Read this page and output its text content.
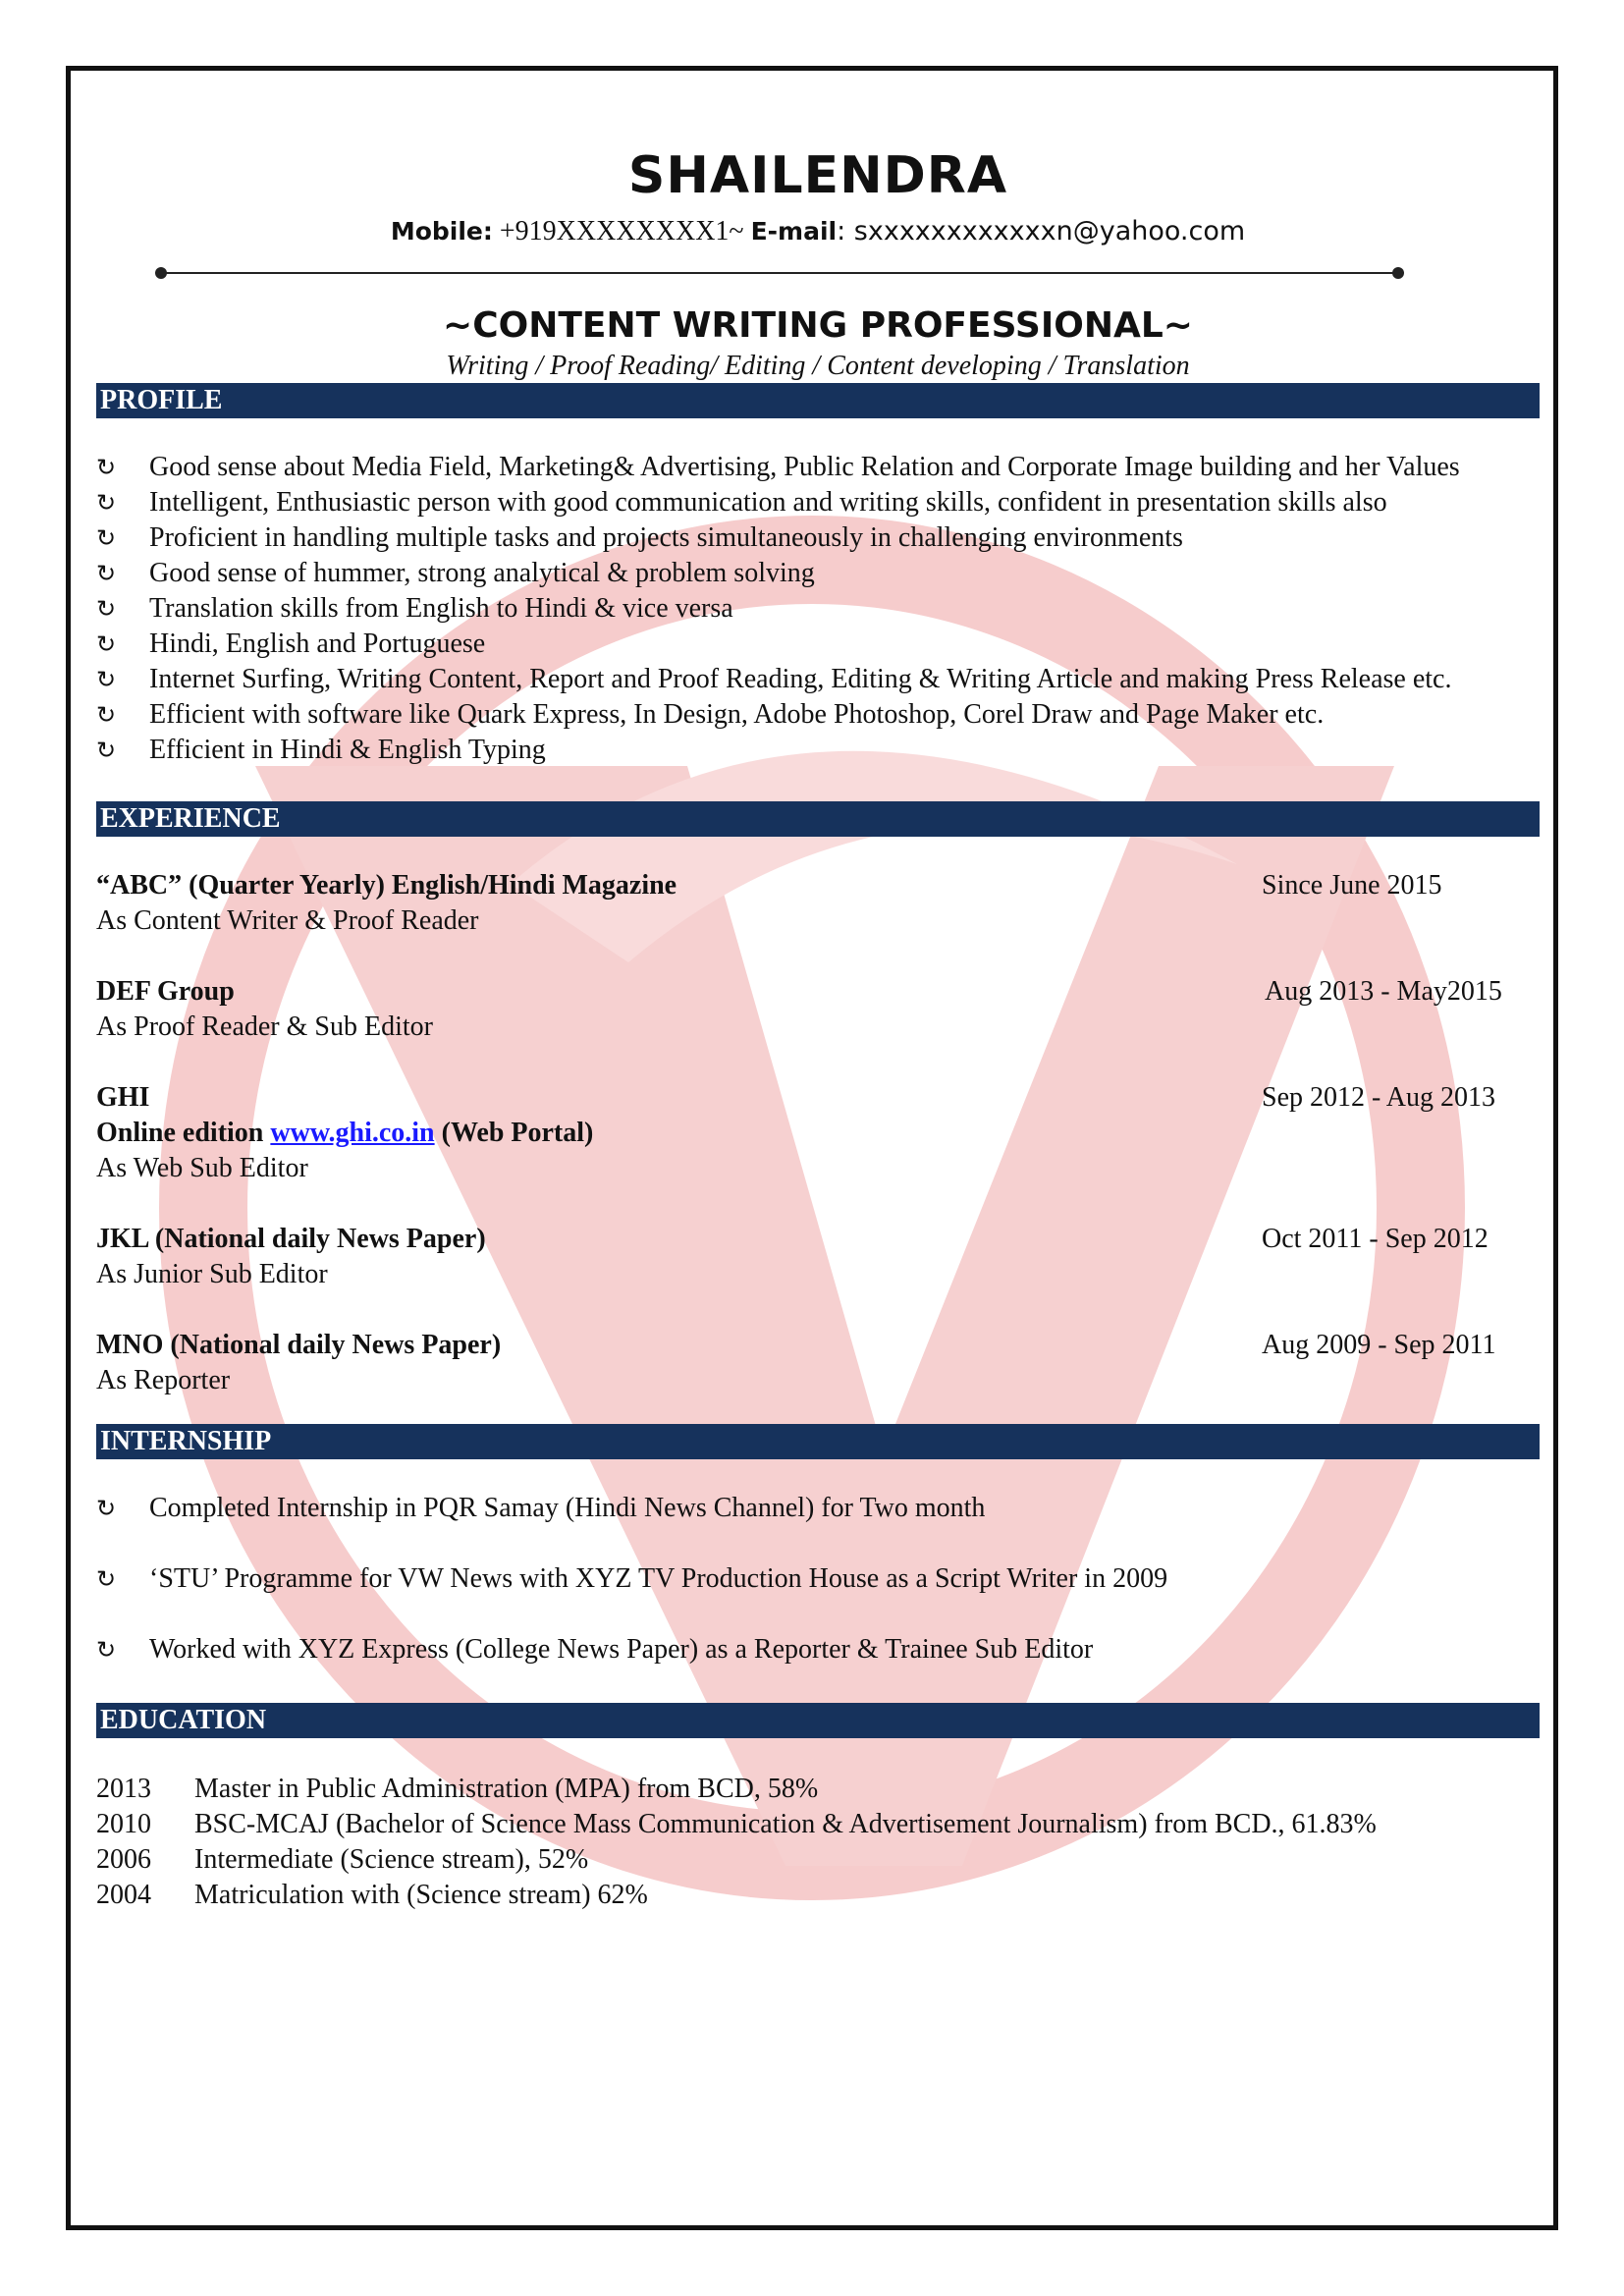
SHAILENDRA
Mobile: +919XXXXXXXX1~ E-mail: sxxxxxxxxxxxxn@yahoo.com
~CONTENT WRITING PROFESSIONAL~
Writing / Proof Reading/ Editing / Content developing / Translation
PROFILE
↻ Good sense about Media Field, Marketing& Advertising, Public Relation and Corporate Image building and her Values
↻ Intelligent, Enthusiastic person with good communication and writing skills, confident in presentation skills also
↻ Proficient in handling multiple tasks and projects simultaneously in challenging environments
↻ Good sense of hummer, strong analytical & problem solving
↻ Translation skills from English to Hindi & vice versa
↻ Hindi, English and Portuguese
↻ Internet Surfing, Writing Content, Report and Proof Reading, Editing & Writing Article and making Press Release etc.
↻ Efficient with software like Quark Express, In Design, Adobe Photoshop, Corel Draw and Page Maker etc.
↻ Efficient in Hindi & English Typing
EXPERIENCE
“ABC” (Quarter Yearly) English/Hindi Magazine	Since June 2015
As Content Writer & Proof Reader
DEF Group	Aug 2013 - May2015
As Proof Reader & Sub Editor
GHI	Sep 2012 - Aug 2013
Online edition www.ghi.co.in (Web Portal)
As Web Sub Editor
JKL (National daily News Paper)	Oct 2011 - Sep 2012
As Junior Sub Editor
MNO (National daily News Paper)	Aug 2009 - Sep 2011
As Reporter
INTERNSHIP
↻ Completed Internship in PQR Samay (Hindi News Channel) for Two month
↻ ‘STU’ Programme for VW News with XYZ TV Production House as a Script Writer in 2009
↻ Worked with XYZ Express (College News Paper) as a Reporter & Trainee Sub Editor
EDUCATION
2013	Master in Public Administration (MPA) from BCD, 58%
2010	BSC-MCAJ (Bachelor of Science Mass Communication & Advertisement Journalism) from BCD., 61.83%
2006	Intermediate (Science stream), 52%
2004	Matriculation with (Science stream) 62%
